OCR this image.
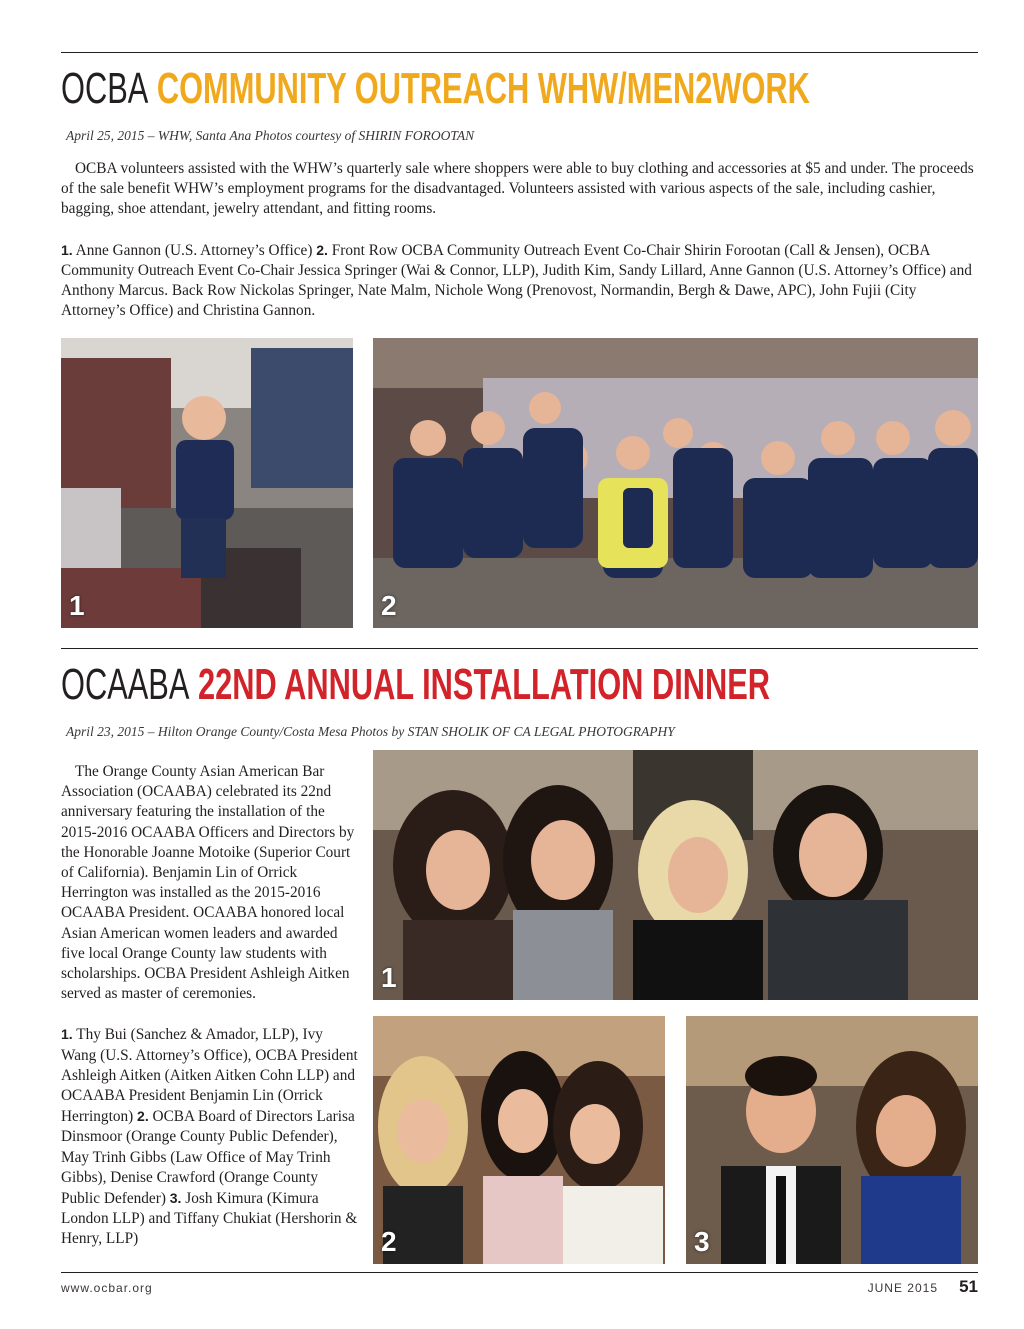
OCBA COMMUNITY OUTREACH WHW/MEN2WORK
April 25, 2015 – WHW, Santa Ana Photos courtesy of SHIRIN FOROOTAN

OCBA volunteers assisted with the WHW’s quarterly sale where shoppers were able to buy clothing and accessories at $5 and under. The proceeds of the sale benefit WHW’s employment programs for the disadvantaged. Volunteers assisted with various aspects of the sale, including cashier, bagging, shoe attendant, jewelry attendant, and fitting rooms.

1. Anne Gannon (U.S. Attorney’s Office) 2. Front Row OCBA Community Outreach Event Co-Chair Shirin Forootan (Call & Jensen), OCBA Community Outreach Event Co-Chair Jessica Springer (Wai & Connor, LLP), Judith Kim, Sandy Lillard, Anne Gannon (U.S. Attorney’s Office) and Anthony Marcus. Back Row Nickolas Springer, Nate Malm, Nichole Wong (Prenovost, Normandin, Bergh & Dawe, APC), John Fujii (City Attorney’s Office) and Christina Gannon.

1	2
OCAABA 22ND ANNUAL INSTALLATION DINNER
April 23, 2015 – Hilton Orange County/Costa Mesa Photos by STAN SHOLIK OF CA LEGAL PHOTOGRAPHY

The Orange County Asian American Bar Association (OCAABA) celebrated its 22nd anniversary featuring the installation of the 2015-2016 OCAABA Officers and Directors by the Honorable Joanne Motoike (Superior Court of California). Benjamin Lin of Orrick Herrington was installed as the 2015-2016 OCAABA President. OCAABA honored local Asian American women leaders and awarded five local Orange County law students with scholarships. OCBA President Ashleigh Aitken served as master of ceremonies.

1. Thy Bui (Sanchez & Amador, LLP), Ivy Wang (U.S. Attorney’s Office), OCBA President Ashleigh Aitken (Aitken Aitken Cohn LLP) and OCAABA President Benjamin Lin (Orrick Herrington) 2. OCBA Board of Directors Larisa Dinsmoor (Orange County Public Defender), May Trinh Gibbs (Law Office of May Trinh Gibbs), Denise Crawford (Orange County Public Defender) 3. Josh Kimura (Kimura London LLP) and Tiffany Chukiat (Hershorin & Henry, LLP)

1
2	3
www.ocbar.org	JUNE 2015 51
